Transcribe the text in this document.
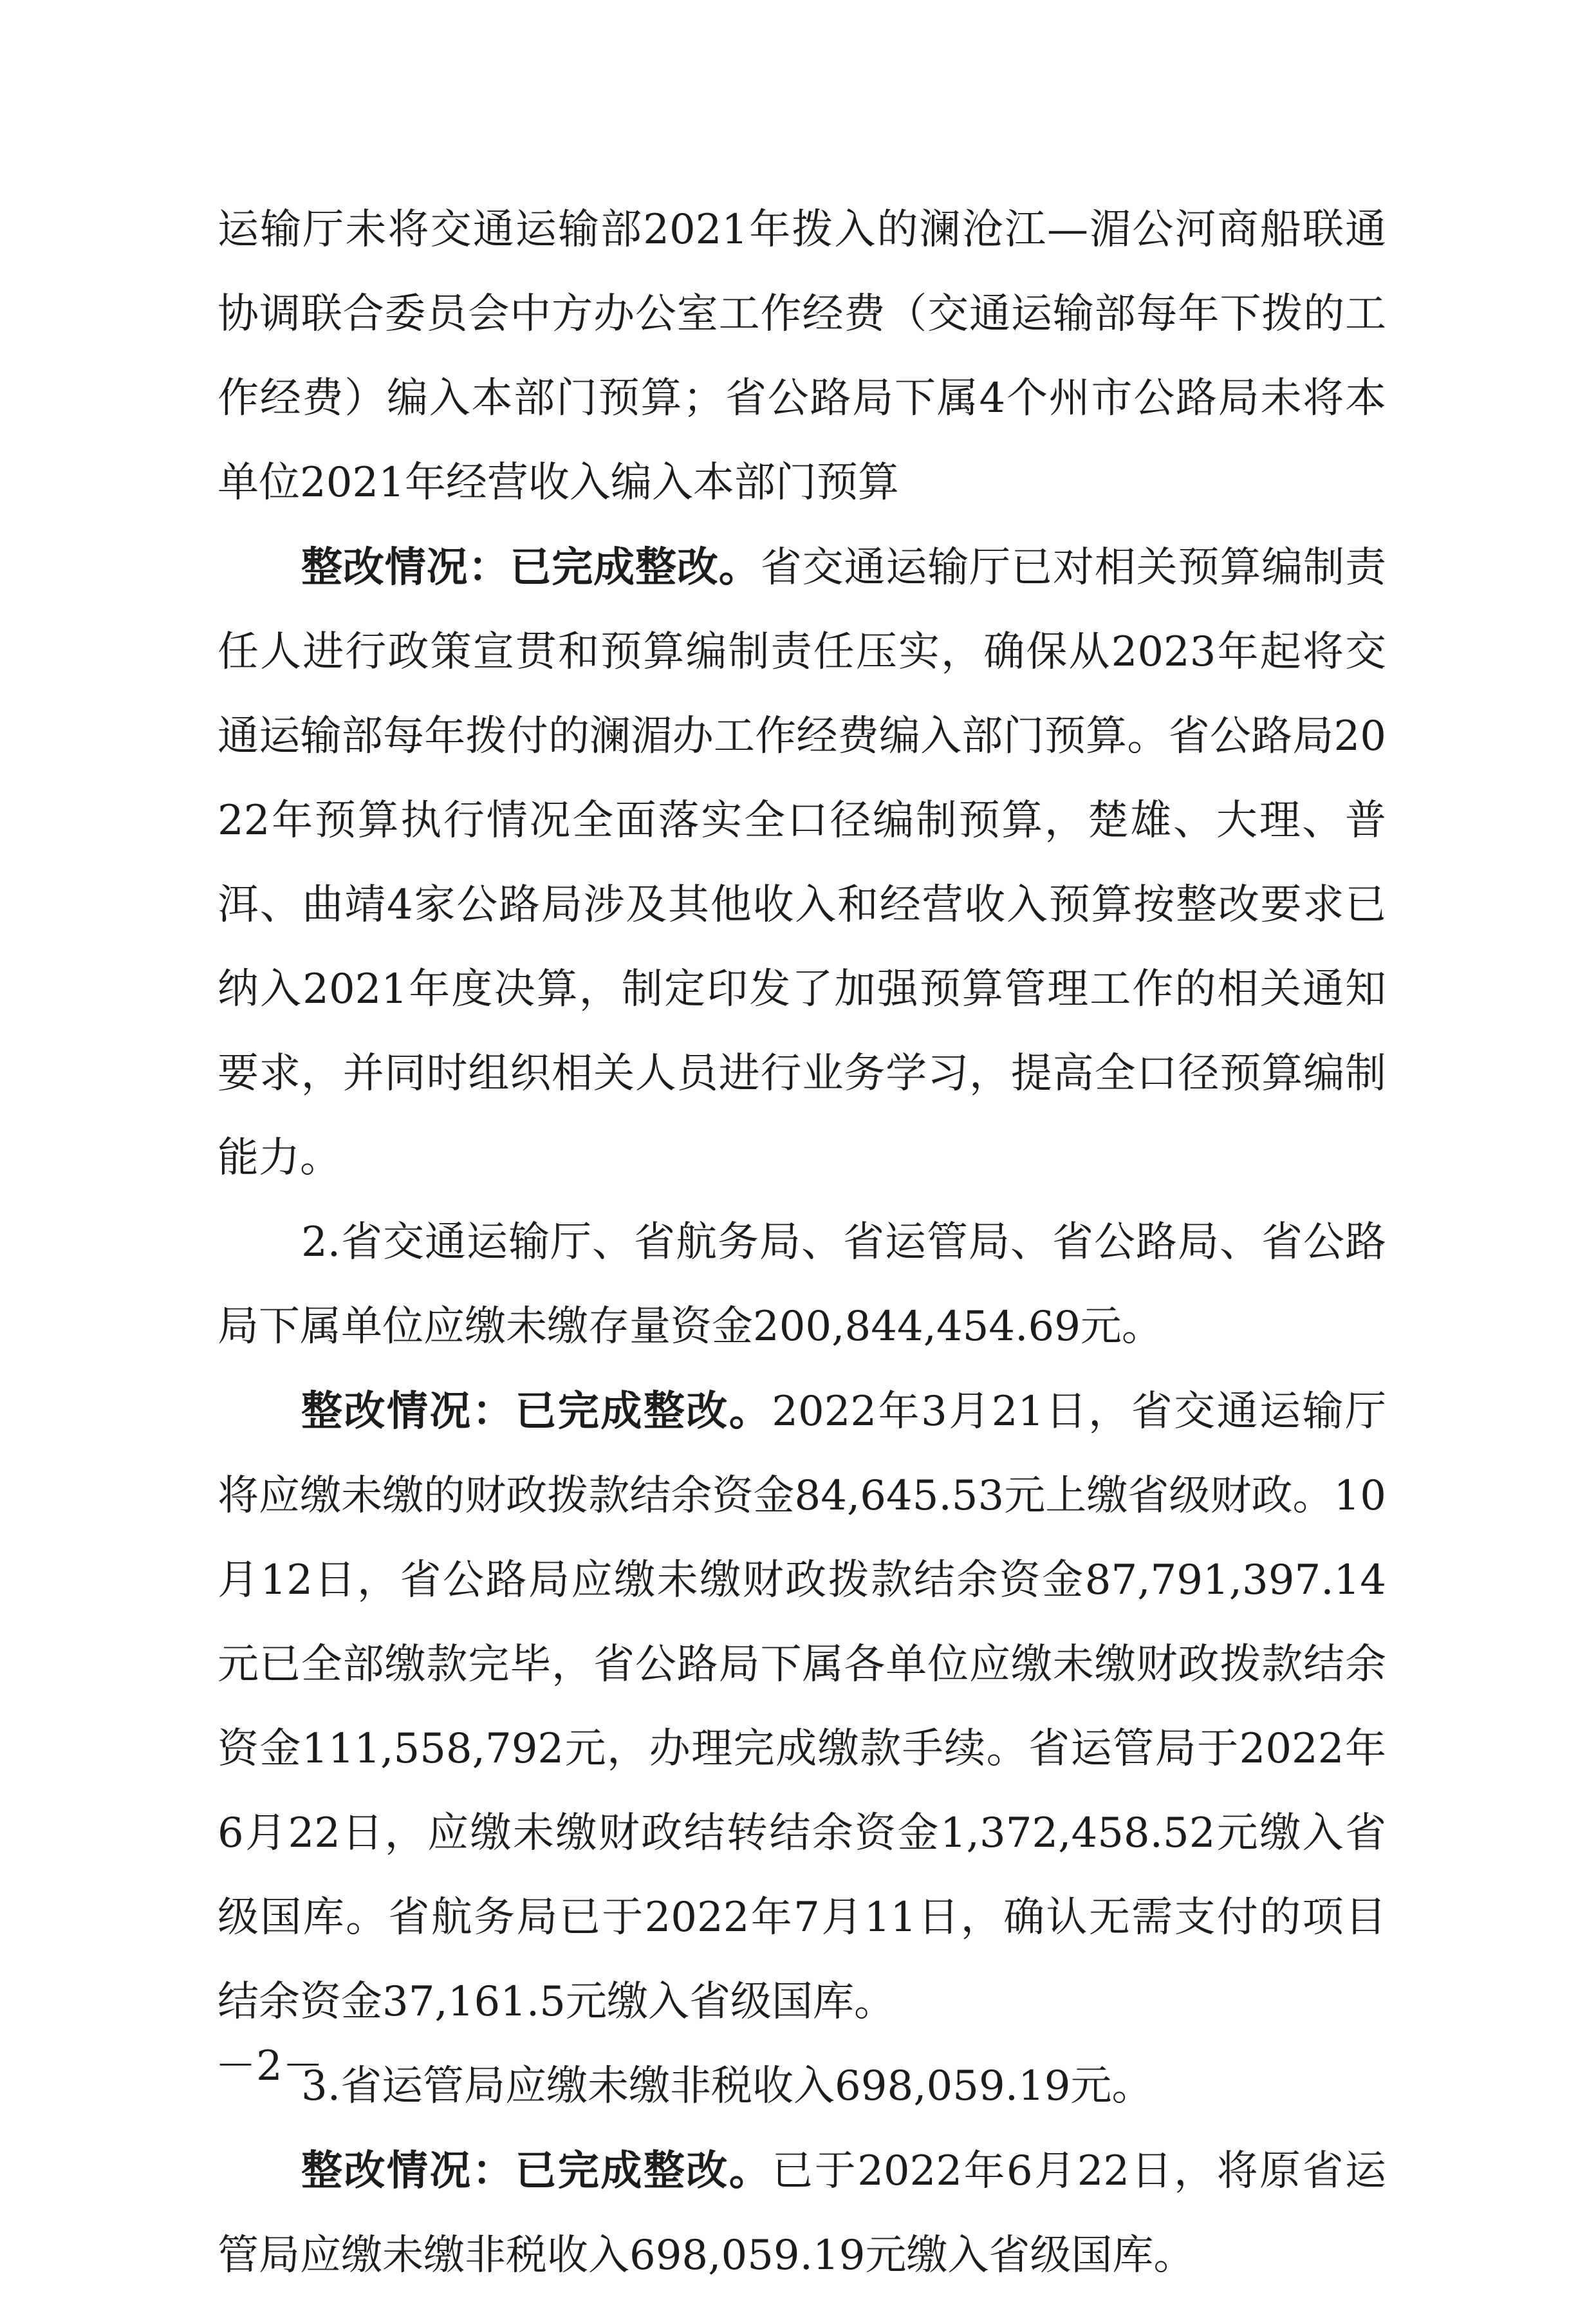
运输厅未将交通运输部2021年拨入的澜沧江—湄公河商船联通协调联合委员会中方办公室工作经费（交通运输部每年下拨的工作经费）编入本部门预算；省公路局下属4个州市公路局未将本单位2021年经营收入编入本部门预算

整改情况：已完成整改。省交通运输厅已对相关预算编制责任人进行政策宣贯和预算编制责任压实，确保从2023年起将交通运输部每年拨付的澜湄办工作经费编入部门预算。省公路局2022年预算执行情况全面落实全口径编制预算，楚雄、大理、普洱、曲靖4家公路局涉及其他收入和经营收入预算按整改要求已纳入2021年度决算，制定印发了加强预算管理工作的相关通知要求，并同时组织相关人员进行业务学习，提高全口径预算编制能力。

2.省交通运输厅、省航务局、省运管局、省公路局、省公路局下属单位应缴未缴存量资金200,844,454.69元。

整改情况：已完成整改。2022年3月21日，省交通运输厅将应缴未缴的财政拨款结余资金84,645.53元上缴省级财政。10月12日，省公路局应缴未缴财政拨款结余资金87,791,397.14元已全部缴款完毕，省公路局下属各单位应缴未缴财政拨款结余资金111,558,792元，办理完成缴款手续。省运管局于2022年6月22日，应缴未缴财政结转结余资金1,372,458.52元缴入省级国库。省航务局已于2022年7月11日，确认无需支付的项目结余资金37,161.5元缴入省级国库。

3.省运管局应缴未缴非税收入698,059.19元。

整改情况：已完成整改。已于2022年6月22日，将原省运管局应缴未缴非税收入698,059.19元缴入省级国库。

－2－
